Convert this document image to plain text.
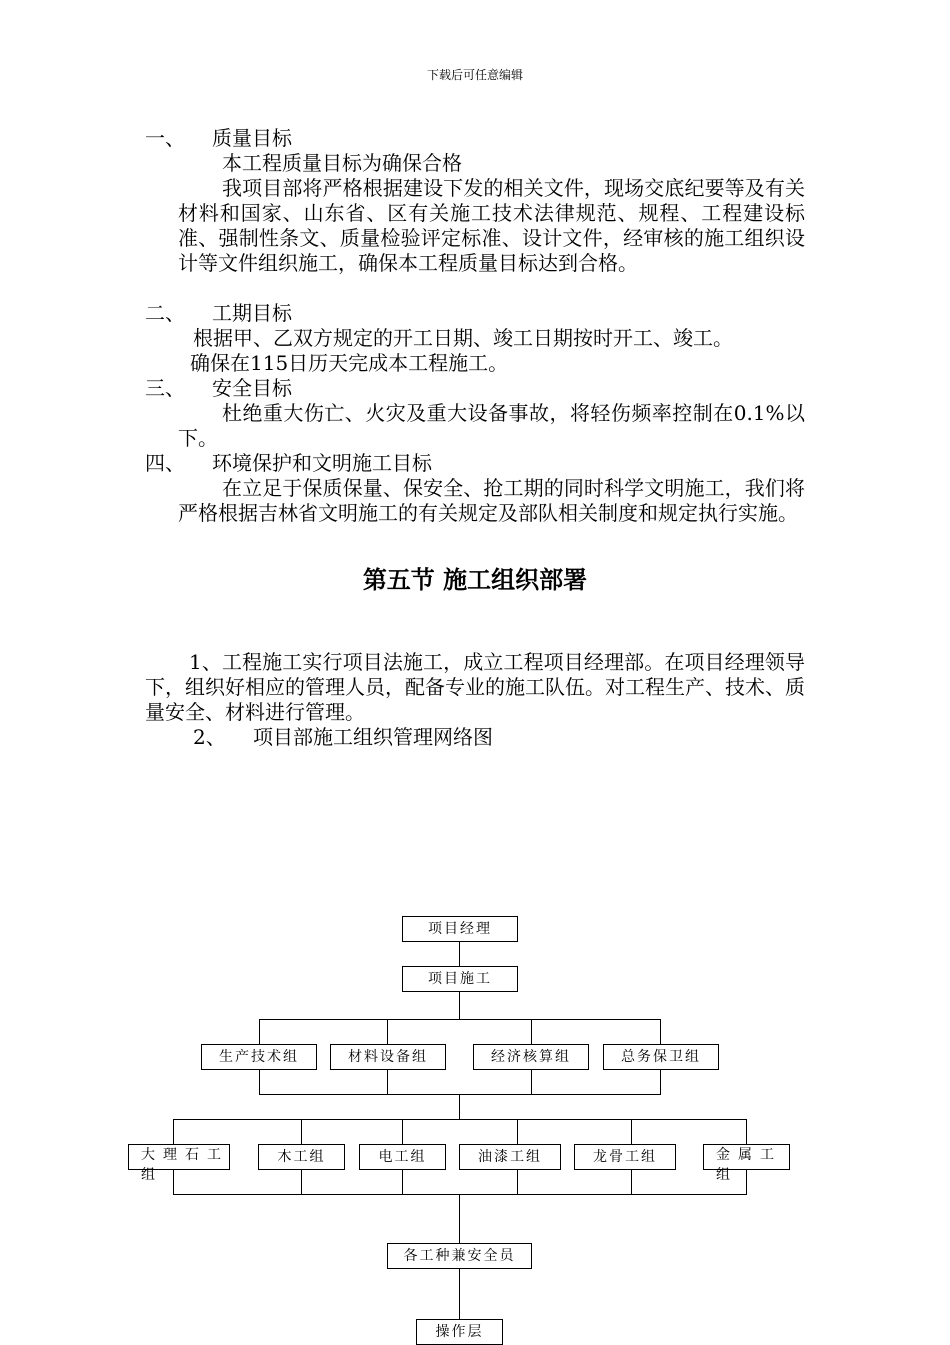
下载后可任意编辑
一、 质量目标
本工程质量目标为确保合格
我项目部将严格根据建设下发的相关文件，现场交底纪要等及有关材料和国家、山东省、区有关施工技术法律规范、规程、工程建设标准、强制性条文、质量检验评定标准、设计文件，经审核的施工组织设计等文件组织施工，确保本工程质量目标达到合格。
二、 工期目标
根据甲、乙双方规定的开工日期、竣工日期按时开工、竣工。
确保在115日历天完成本工程施工。
三、 安全目标
杜绝重大伤亡、火灾及重大设备事故，将轻伤频率控制在0.1%以下。
四、 环境保护和文明施工目标
在立足于保质保量、保安全、抢工期的同时科学文明施工，我们将严格根据吉林省文明施工的有关规定及部队相关制度和规定执行实施。
第五节 施工组织部署
1、工程施工实行项目法施工，成立工程项目经理部。在项目经理领导下，组织好相应的管理人员，配备专业的施工队伍。对工程生产、技术、质量安全、材料进行管理。
2、 项目部施工组织管理网络图
项目经理
项目施工
生产技术组	材料设备组	经济核算组	总务保卫组
大理石工组
木工组	电工组	油漆工组	龙骨工组	金属工组
各工种兼安全员
操作层
